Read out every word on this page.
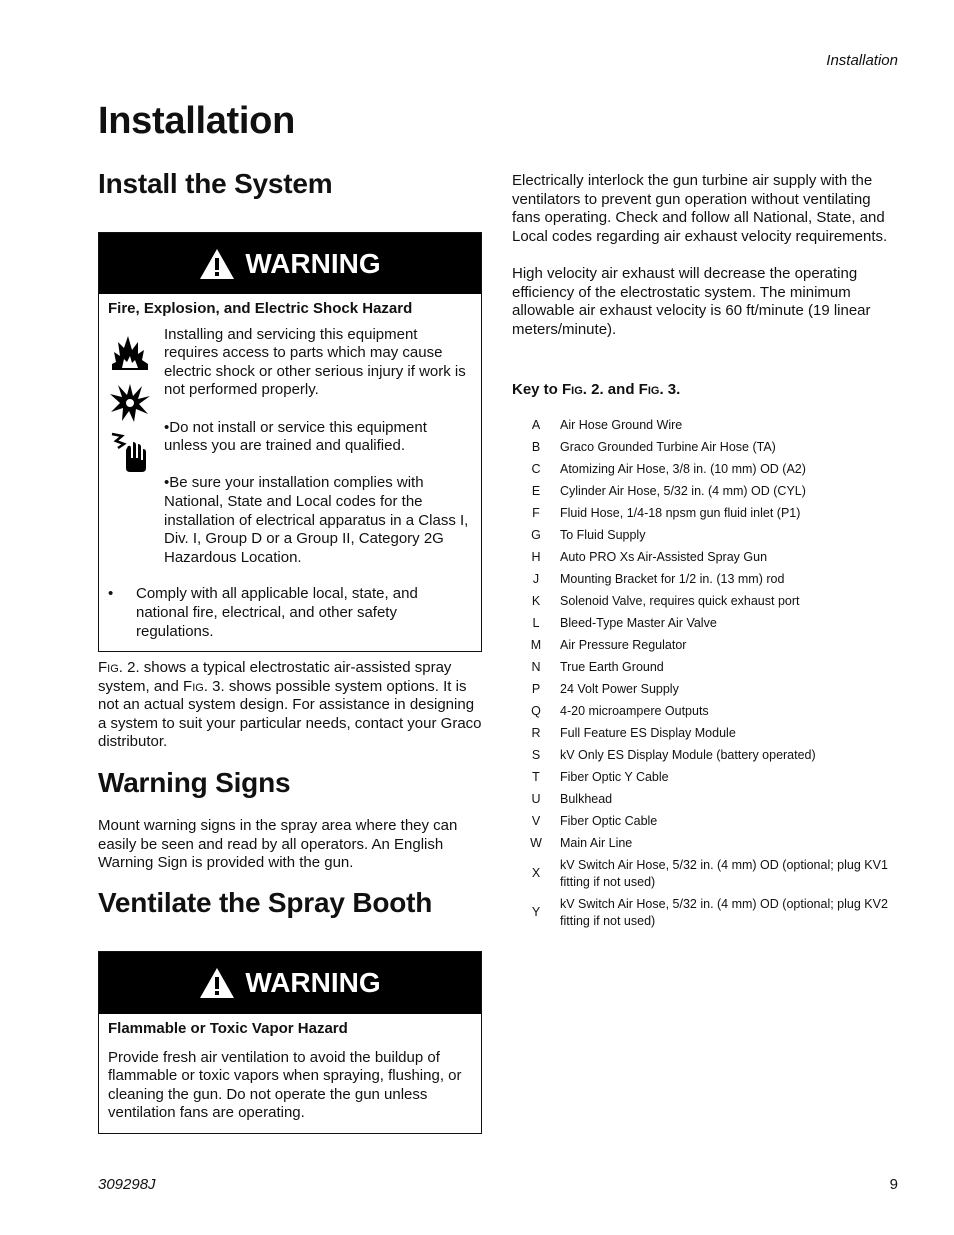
Installation
Installation
Install the System
WARNING
Fire, Explosion, and Electric Shock Hazard

Installing and servicing this equipment requires access to parts which may cause electric shock or other serious injury if work is not performed properly.

•Do not install or service this equipment unless you are trained and qualified.

•Be sure your installation complies with National, State and Local codes for the installation of electrical apparatus in a Class I, Div. I, Group D or a Group II, Category 2G Hazardous Location.

•	Comply with all applicable local, state, and national fire, electrical, and other safety regulations.
Fig. 2. shows a typical electrostatic air-assisted spray system, and Fig. 3. shows possible system options. It is not an actual system design. For assistance in designing a system to suit your particular needs, contact your Graco distributor.
Warning Signs
Mount warning signs in the spray area where they can easily be seen and read by all operators. An English Warning Sign is provided with the gun.
Ventilate the Spray Booth
WARNING
Flammable or Toxic Vapor Hazard
Provide fresh air ventilation to avoid the buildup of flammable or toxic vapors when spraying, flushing, or cleaning the gun. Do not operate the gun unless ventilation fans are operating.

Electrically interlock the gun turbine air supply with the ventilators to prevent gun operation without ventilating fans operating. Check and follow all National, State, and Local codes regarding air exhaust velocity requirements.

High velocity air exhaust will decrease the operating efficiency of the electrostatic system. The minimum allowable air exhaust velocity is 60 ft/minute (19 linear meters/minute).

Key to Fig. 2. and Fig. 3.
A	Air Hose Ground Wire
B	Graco Grounded Turbine Air Hose (TA)
C	Atomizing Air Hose, 3/8 in. (10 mm) OD (A2)
E	Cylinder Air Hose, 5/32 in. (4 mm) OD (CYL)
F	Fluid Hose, 1/4-18 npsm gun fluid inlet (P1)
G	To Fluid Supply
H	Auto PRO Xs Air-Assisted Spray Gun
J	Mounting Bracket for 1/2 in. (13 mm) rod
K	Solenoid Valve, requires quick exhaust port
L	Bleed-Type Master Air Valve
M	Air Pressure Regulator
N	True Earth Ground
P	24 Volt Power Supply
Q	4-20 microampere Outputs
R	Full Feature ES Display Module
S	kV Only ES Display Module (battery operated)
T	Fiber Optic Y Cable
U	Bulkhead
V	Fiber Optic Cable
W	Main Air Line
X	kV Switch Air Hose, 5/32 in. (4 mm) OD (optional; plug KV1 fitting if not used)
Y	kV Switch Air Hose, 5/32 in. (4 mm) OD (optional; plug KV2 fitting if not used)
309298J	9
